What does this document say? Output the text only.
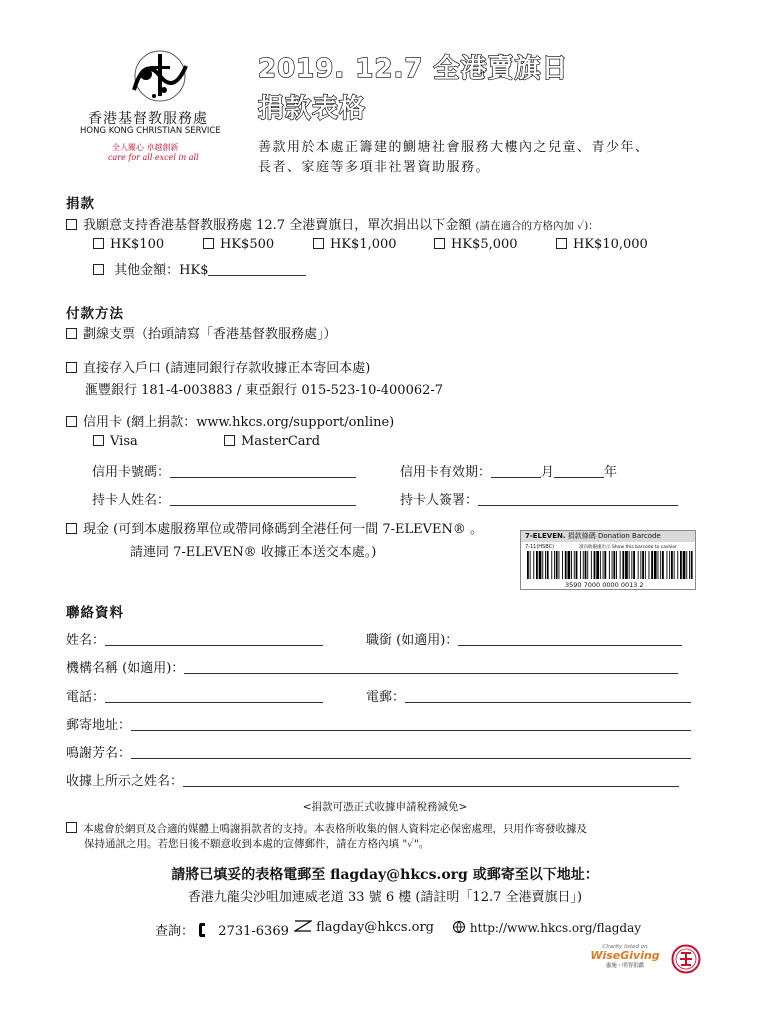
香港基督教服務處
HONG KONG CHRISTIAN SERVICE
全人關心 卓越創新
care for all excel in all
2019. 12.7 全港賣旗日
捐款表格
善款用於本處正籌建的鰂塘社會服務大樓內之兒童、青少年、
長者、家庭等多項非社署資助服務。
捐款
我願意支持香港基督教服務處 12.7 全港賣旗日，單次捐出以下金額 (請在適合的方格內加 ✓)：
HK$100	HK$500	HK$1,000	HK$5,000	HK$10,000
其他金額：HK$
付款方法
劃線支票（抬頭請寫「香港基督教服務處」）
直接存入戶口 (請連同銀行存款收據正本寄回本處)
滙豐銀行 181-4-003883 / 東亞銀行 015-523-10-400062-7
信用卡 (網上捐款：www.hkcs.org/support/online)
Visa	MasterCard
信用卡號碼：	信用卡有效期：	月	年
持卡人姓名：	持卡人簽署：
現金 (可到本處服務單位或帶同條碼到全港任何一間 7-ELEVEN® 。
請連同 7-ELEVEN® 收據正本送交本處。)
7-ELEVEN. 捐款條碼 Donation Barcode
7-11(HSBC)	請向收銀處出示 Show this barcode to cashier
3590 7000 0000 0013 2
聯絡資料
姓名：	職銜 (如適用)：
機構名稱 (如適用)：
電話：	電郵：
郵寄地址：
鳴謝芳名：
收據上所示之姓名：
<捐款可憑正式收據申請稅務減免>
本處會於網頁及合適的媒體上鳴謝捐款者的支持。本表格所收集的個人資料定必保密處理，只用作寄發收據及
保持通訊之用。若您日後不願意收到本處的宣傳郵件，請在方格內填 "✓"。
請將已填妥的表格電郵至 flagday@hkcs.org 或郵寄至以下地址：
香港九龍尖沙咀加連威老道 33 號 6 樓 (請註明「12.7 全港賣旗日」)
查詢： 2731-6369	flagday@hkcs.org	http://www.hkcs.org/flagday
Charity listed on
WiseGiving
惠施・明智捐獻
